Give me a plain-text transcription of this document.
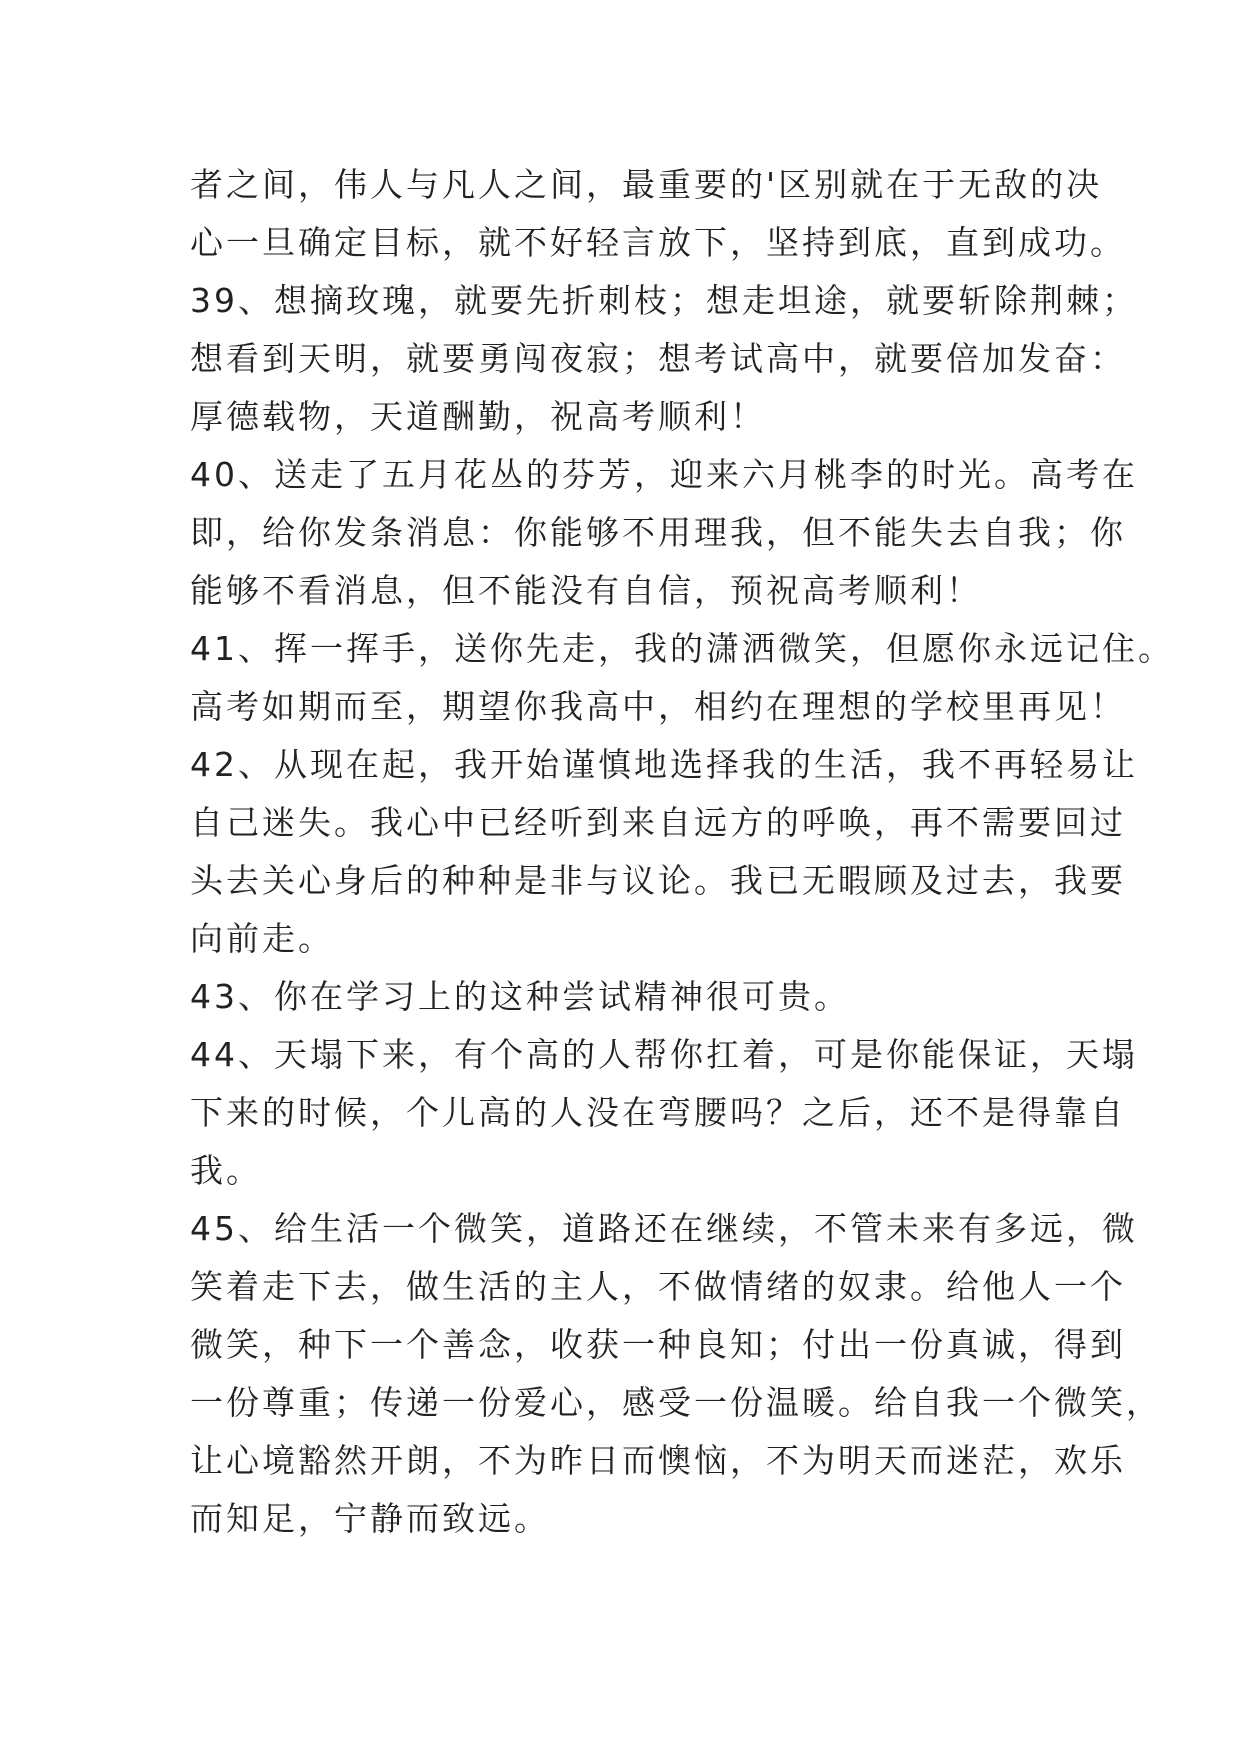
者之间，伟人与凡人之间，最重要的'区别就在于无敌的决
心一旦确定目标，就不好轻言放下，坚持到底，直到成功。
39、想摘玫瑰，就要先折刺枝；想走坦途，就要斩除荆棘；
想看到天明，就要勇闯夜寂；想考试高中，就要倍加发奋：
厚德载物，天道酬勤，祝高考顺利！
40、送走了五月花丛的芬芳，迎来六月桃李的时光。高考在
即，给你发条消息：你能够不用理我，但不能失去自我；你
能够不看消息，但不能没有自信，预祝高考顺利！
41、挥一挥手，送你先走，我的潇洒微笑，但愿你永远记住。
高考如期而至，期望你我高中，相约在理想的学校里再见！
42、从现在起，我开始谨慎地选择我的生活，我不再轻易让
自己迷失。我心中已经听到来自远方的呼唤，再不需要回过
头去关心身后的种种是非与议论。我已无暇顾及过去，我要
向前走。
43、你在学习上的这种尝试精神很可贵。
44、天塌下来，有个高的人帮你扛着，可是你能保证，天塌
下来的时候，个儿高的人没在弯腰吗？之后，还不是得靠自
我。
45、给生活一个微笑，道路还在继续，不管未来有多远，微
笑着走下去，做生活的主人，不做情绪的奴隶。给他人一个
微笑，种下一个善念，收获一种良知；付出一份真诚，得到
一份尊重；传递一份爱心，感受一份温暖。给自我一个微笑，
让心境豁然开朗，不为昨日而懊恼，不为明天而迷茫，欢乐
而知足，宁静而致远。
